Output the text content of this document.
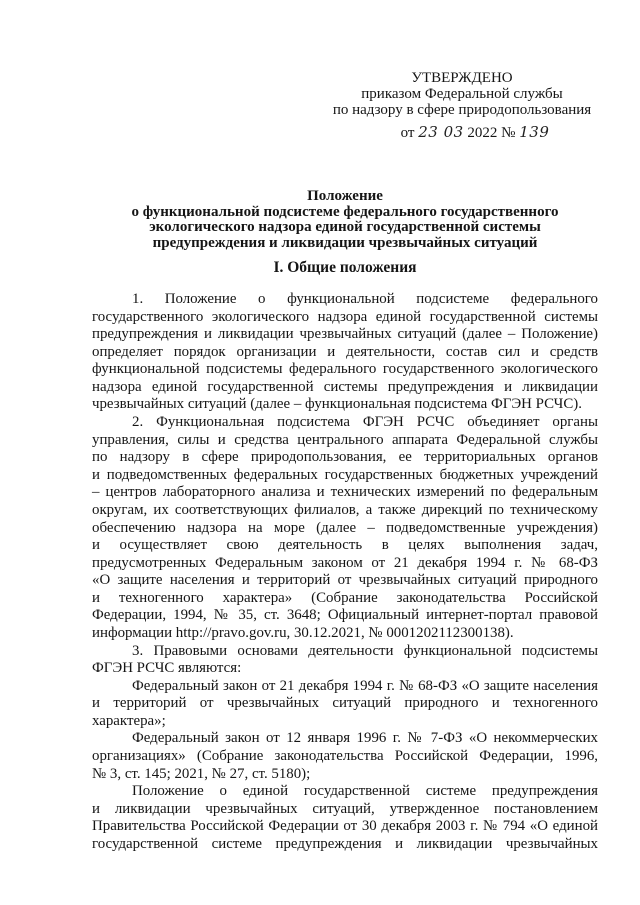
УТВЕРЖДЕНО
приказом Федеральной службы
по надзору в сфере природопользования
от 23 03 2022 № 139
Положение
о функциональной подсистеме федерального государственного
экологического надзора единой государственной системы
предупреждения и ликвидации чрезвычайных ситуаций
I. Общие положения
1. Положение о функциональной подсистеме федерального
государственного экологического надзора единой государственной системы
предупреждения и ликвидации чрезвычайных ситуаций (далее – Положение)
определяет порядок организации и деятельности, состав сил и средств
функциональной подсистемы федерального государственного экологического
надзора единой государственной системы предупреждения и ликвидации
чрезвычайных ситуаций (далее – функциональная подсистема ФГЭН РСЧС).
2. Функциональная подсистема ФГЭН РСЧС объединяет органы
управления, силы и средства центрального аппарата Федеральной службы
по надзору в сфере природопользования, ее территориальных органов
и подведомственных федеральных государственных бюджетных учреждений
– центров лабораторного анализа и технических измерений по федеральным
округам, их соответствующих филиалов, а также дирекций по техническому
обеспечению надзора на море (далее – подведомственные учреждения)
и осуществляет свою деятельность в целях выполнения задач,
предусмотренных Федеральным законом от 21 декабря 1994 г. № 68-ФЗ
«О защите населения и территорий от чрезвычайных ситуаций природного
и техногенного характера» (Собрание законодательства Российской
Федерации, 1994, № 35, ст. 3648; Официальный интернет-портал правовой
информации http://pravo.gov.ru, 30.12.2021, № 0001202112300138).
3. Правовыми основами деятельности функциональной подсистемы
ФГЭН РСЧС являются:
Федеральный закон от 21 декабря 1994 г. № 68-ФЗ «О защите населения
и территорий от чрезвычайных ситуаций природного и техногенного
характера»;
Федеральный закон от 12 января 1996 г. № 7-ФЗ «О некоммерческих
организациях» (Собрание законодательства Российской Федерации, 1996,
№ 3, ст. 145; 2021, № 27, ст. 5180);
Положение о единой государственной системе предупреждения
и ликвидации чрезвычайных ситуаций, утвержденное постановлением
Правительства Российской Федерации от 30 декабря 2003 г. № 794 «О единой
государственной системе предупреждения и ликвидации чрезвычайных
